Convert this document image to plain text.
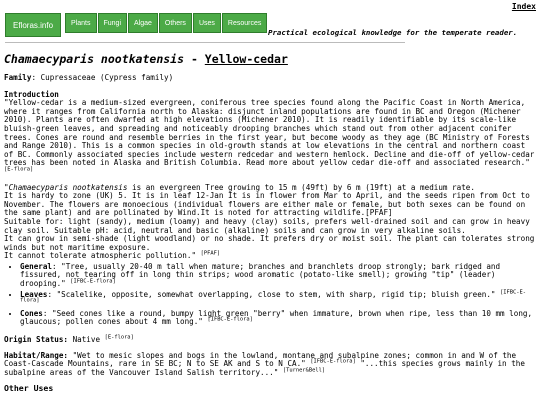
Index
Efloras.info	Plants	Fungi	Algae	Others	Uses	Resources
Practical ecological knowledge for the temperate reader.
Chamaecyparis nootkatensis - Yellow-cedar

Family: Cupressaceae (Cypress family)

Introduction

"Yellow-cedar is a medium-sized evergreen, coniferous tree species found along the Pacific Coast in North America, where it ranges from California north to Alaska: disjunct inland populations are found in BC and Oregon (Michener 2010). Plants are often dwarfed at high elevations (Michener 2010). It is readily identifiable by its scale-like bluish-green leaves, and spreading and noticeably drooping branches which stand out from other adjacent conifer trees. Cones are round and resemble berries in the first year, but become woody as they age (BC Ministry of Forests and Range 2010). This is a common species in old-growth stands at low elevations in the central and northern coast of BC. Commonly associated species include western redcedar and western hemlock. Decline and die-off of yellow-cedar trees has been noted in Alaska and British Columbia. Read more about yellow cedar die-off and associated research."[E-flora]

"Chamaecyparis nootkatensis is an evergreen Tree growing to 15 m (49ft) by 6 m (19ft) at a medium rate.

It is hardy to zone (UK) 5. It is in leaf 12-Jan It is in flower from Mar to April, and the seeds ripen from Oct to November. The flowers are monoecious (individual flowers are either male or female, but both sexes can be found on the same plant) and are pollinated by Wind.It is noted for attracting wildlife.[PFAF]

Suitable for: light (sandy), medium (loamy) and heavy (clay) soils, prefers well-drained soil and can grow in heavy clay soil. Suitable pH: acid, neutral and basic (alkaline) soils and can grow in very alkaline soils.

It can grow in semi-shade (light woodland) or no shade. It prefers dry or moist soil. The plant can tolerates strong winds but not maritime exposure.

It cannot tolerate atmospheric pollution." [PFAF]

• General: "Tree, usually 20-40 m tall when mature; branches and branchlets droop strongly; bark ridged and fissured, not tearing off in long thin strips; wood aromatic (potato-like smell); growing "tip" (leader) drooping." [IFBC-E-flora]
• Leaves: "Scalelike, opposite, somewhat overlapping, close to stem, with sharp, rigid tip; bluish green." [IFBC-E-flora]
• Cones: "Seed cones like a round, bumpy light green "berry" when immature, brown when ripe, less than 10 mm long, glaucous; pollen cones about 4 mm long." [IFBC-E-flora]

Origin Status: Native [E-flora]

Habitat/Range: "Wet to mesic slopes and bogs in the lowland, montane and subalpine zones; common in and W of the Coast-Cascade Mountains, rare in SE BC; N to SE AK and S to N CA." [IFBC-E-flora] "...this species grows mainly in the subalpine areas of the Vancouver Island Salish territory..." [Turner&Bell]

Other Uses
